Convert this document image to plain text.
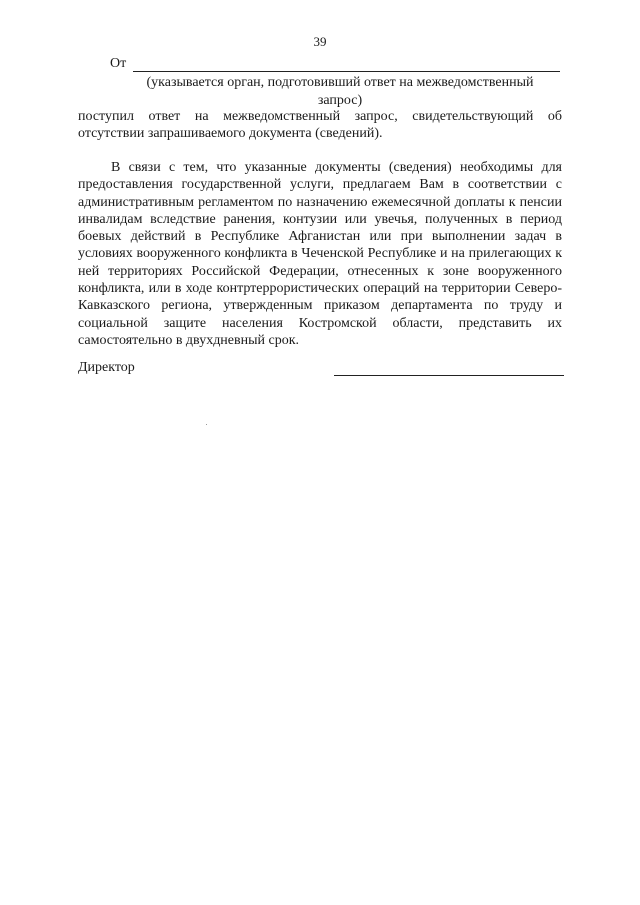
39
От
(указывается орган, подготовивший ответ на межведомственный
запрос)

поступил ответ на межведомственный запрос, свидетельствующий об отсутствии запрашиваемого документа (сведений).

В связи с тем, что указанные документы (сведения) необходимы для предоставления государственной услуги, предлагаем Вам в соответствии с административным регламентом по назначению ежемесячной доплаты к пенсии инвалидам вследствие ранения, контузии или увечья, полученных в период боевых действий в Республике Афганистан или при выполнении задач в условиях вооруженного конфликта в Чеченской Республике и на прилегающих к ней территориях Российской Федерации, отнесенных к зоне вооруженного конфликта, или в ходе контртеррористических операций на территории Северо-Кавказского региона, утвержденным приказом департамента по труду и социальной защите населения Костромской области, представить их самостоятельно в двухдневный срок.

Директор
